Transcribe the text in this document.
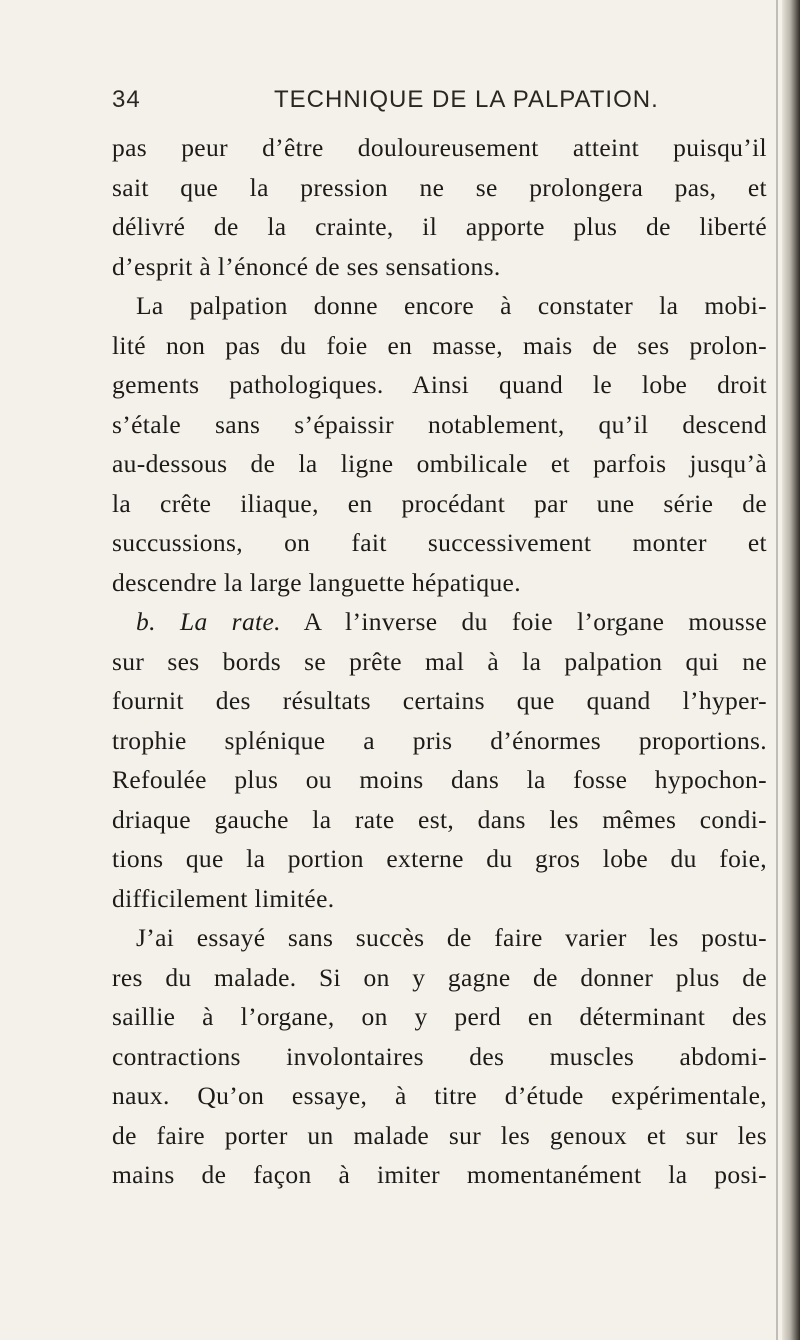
34	TECHNIQUE DE LA PALPATION.
pas peur d’être douloureusement atteint puisqu’il
sait que la pression ne se prolongera pas, et
délivré de la crainte, il apporte plus de liberté
d’esprit à l’énoncé de ses sensations.
La palpation donne encore à constater la mobi-
lité non pas du foie en masse, mais de ses prolon-
gements pathologiques. Ainsi quand le lobe droit
s’étale sans s’épaissir notablement, qu’il descend
au-dessous de la ligne ombilicale et parfois jusqu’à
la crête iliaque, en procédant par une série de
succussions, on fait successivement monter et
descendre la large languette hépatique.
b. La rate. A l’inverse du foie l’organe mousse
sur ses bords se prête mal à la palpation qui ne
fournit des résultats certains que quand l’hyper-
trophie splénique a pris d’énormes proportions.
Refoulée plus ou moins dans la fosse hypochon-
driaque gauche la rate est, dans les mêmes condi-
tions que la portion externe du gros lobe du foie,
difficilement limitée.
J’ai essayé sans succès de faire varier les postu-
res du malade. Si on y gagne de donner plus de
saillie à l’organe, on y perd en déterminant des
contractions involontaires des muscles abdomi-
naux. Qu’on essaye, à titre d’étude expérimentale,
de faire porter un malade sur les genoux et sur les
mains de façon à imiter momentanément la posi-
